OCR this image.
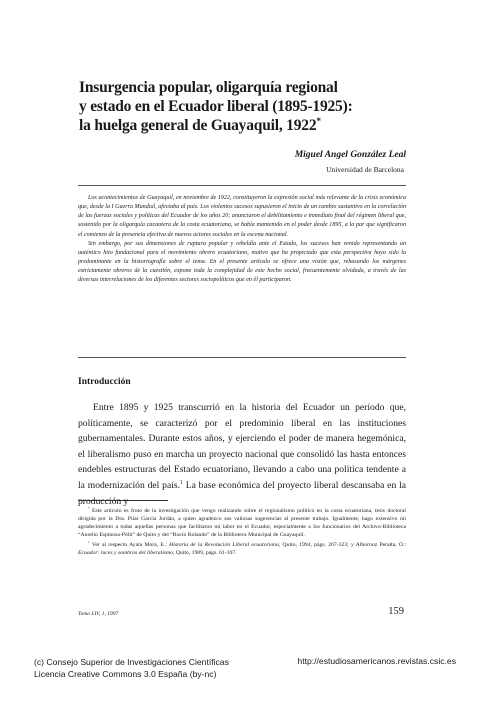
Insurgencia popular, oligarquía regional
y estado en el Ecuador liberal (1895-1925):
la huelga general de Guayaquil, 1922*
Miguel Angel González Leal
Universidad de Barcelona

Los acontecimientos de Guayaquil, en noviembre de 1922, constituyeron la expresión social más relevante de la crisis económica que, desde la I Guerra Mundial, afectaba al país. Los violentos sucesos supusieron el inicio de un cambio sustantivo en la correlación de las fuerzas sociales y políticas del Ecuador de los años 20; anunciaron el debilitamiento e inmediato final del régimen liberal que, sostenido por la oligarquía cacaotera de la costa ecuatoriana, se había mantenido en el poder desde 1895, a la par que significaron el comienzo de la presencia efectiva de nuevos actores sociales en la escena nacional.

Sin embargo, por sus dimensiones de ruptura popular y rebeldía ante el Estado, los sucesos han venido representando un auténtico hito fundacional para el movimiento obrero ecuatoriano, motivo que ha propiciado que esta perspectiva haya sido la predominante en la historiografía sobre el tema. En el presente artículo se ofrece una visión que, rebasando los márgenes estrictamente obreros de la cuestión, expone toda la complejidad de este hecho social, frecuentemente olvidada, a través de las diversas interrelaciones de los diferentes sectores sociopolíticos que en él participaron.

Introducción

Entre 1895 y 1925 transcurrió en la historia del Ecuador un período que, políticamente, se caracterizó por el predominio liberal en las instituciones gubernamentales. Durante estos años, y ejerciendo el poder de manera hegemónica, el liberalismo puso en marcha un proyecto nacional que consolidó las hasta entonces endebles estructuras del Estado ecuatoriano, llevando a cabo una política tendente a la modernización del país.$^1$ La base económica del proyecto liberal descansaba en la producción y

* Este artículo es fruto de la investigación que vengo realizando sobre el regionalismo político en la costa ecuatoriana, tesis doctoral dirigida por la Dra. Pilar García Jordán, a quien agradezco sus valiosas sugerencias al presente trabajo. Igualmente, hago extensivo mi agradecimiento a todas aquellas personas que facilitaron mi labor en el Ecuador, especialmente a los funcionarios del Archivo-Biblioteca “Aurelio Espinosa-Pólit” de Quito y del “Rocío Rolando” de la Biblioteca Municipal de Guayaquil.

$^1$ Ver al respecto Ayala Mora, E.: Historia de la Revolución Liberal ecuatoriana, Quito, 1994, págs. 267-323; y Albornoz Peralta, O.: Ecuador: luces y sombras del liberalismo, Quito, 1989, págs. 61-107.

Tomo LIV, 1, 1997	159
(c) Consejo Superior de Investigaciones Científicas
Licencia Creative Commons 3.0 España (by-nc)
http://estudiosamericanos.revistas.csic.es
